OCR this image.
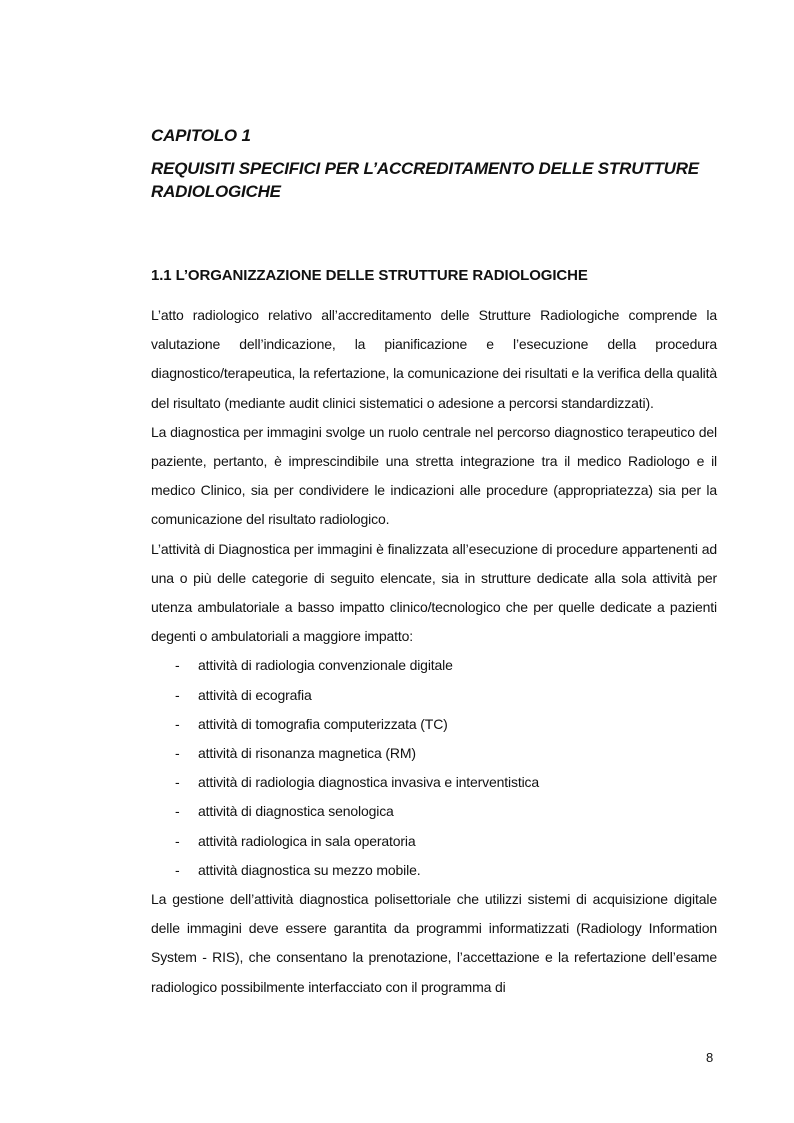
CAPITOLO 1
REQUISITI SPECIFICI PER L’ACCREDITAMENTO DELLE STRUTTURE RADIOLOGICHE
1.1 L’ORGANIZZAZIONE DELLE STRUTTURE RADIOLOGICHE

L’atto radiologico relativo all’accreditamento delle Strutture Radiologiche comprende la valutazione dell’indicazione, la pianificazione e l’esecuzione della procedura diagnostico/terapeutica, la refertazione, la comunicazione dei risultati e la verifica della qualità del risultato (mediante audit clinici sistematici o adesione a percorsi standardizzati).

La diagnostica per immagini svolge un ruolo centrale nel percorso diagnostico terapeutico del paziente, pertanto, è imprescindibile una stretta integrazione tra il medico Radiologo e il medico Clinico, sia per condividere le indicazioni alle procedure (appropriatezza) sia per la comunicazione del risultato radiologico.

L’attività di Diagnostica per immagini è finalizzata all’esecuzione di procedure appartenenti ad una o più delle categorie di seguito elencate, sia in strutture dedicate alla sola attività per utenza ambulatoriale a basso impatto clinico/tecnologico che per quelle dedicate a pazienti degenti o ambulatoriali a maggiore impatto:

- attività di radiologia convenzionale digitale
- attività di ecografia
- attività di tomografia computerizzata (TC)
- attività di risonanza magnetica (RM)
- attività di radiologia diagnostica invasiva e interventistica
- attività di diagnostica senologica
- attività radiologica in sala operatoria
- attività diagnostica su mezzo mobile.

La gestione dell’attività diagnostica polisettoriale che utilizzi sistemi di acquisizione digitale delle immagini deve essere garantita da programmi informatizzati (Radiology Information System - RIS), che consentano la prenotazione, l’accettazione e la refertazione dell’esame radiologico possibilmente interfacciato con il programma di

8
